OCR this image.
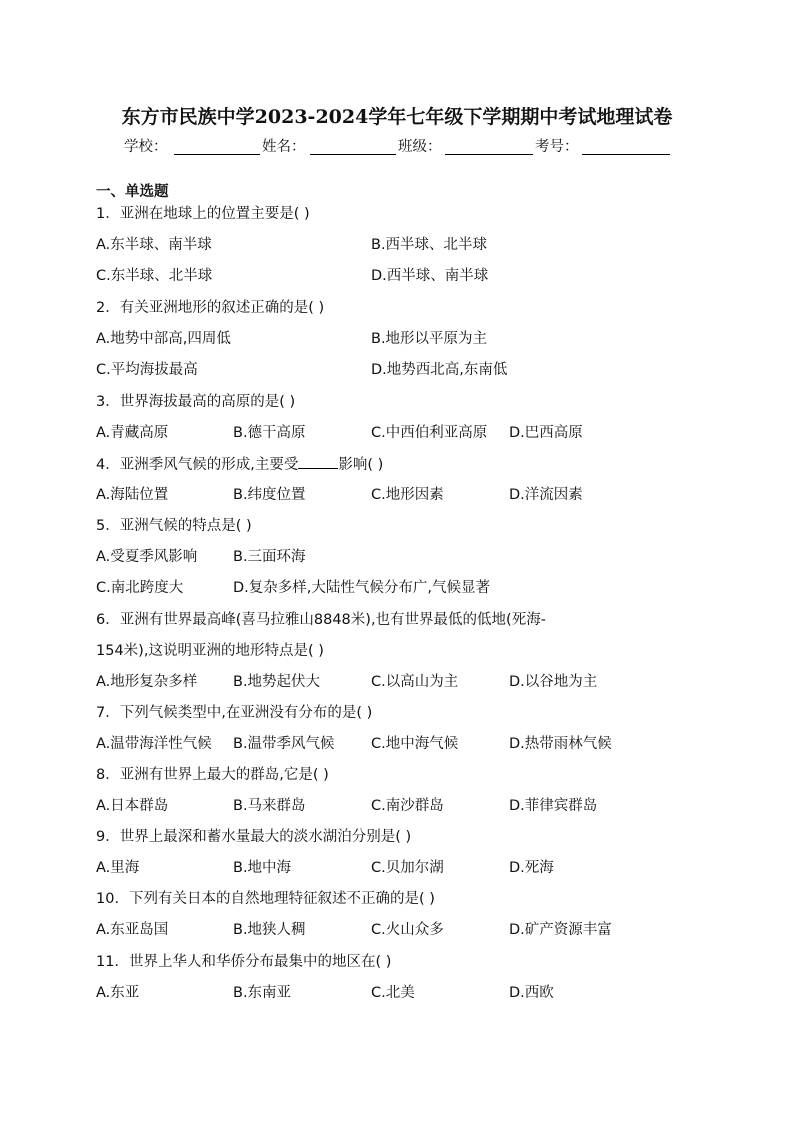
东方市民族中学2023-2024学年七年级下学期期中考试地理试卷
学校：	姓名：	班级：	考号：
一、单选题
1．亚洲在地球上的位置主要是( )
A.东半球、南半球	B.西半球、北半球
C.东半球、北半球	D.西半球、南半球
2．有关亚洲地形的叙述正确的是( )
A.地势中部高,四周低	B.地形以平原为主
C.平均海拔最高	D.地势西北高,东南低
3．世界海拔最高的高原的是( )
A.青藏高原	B.德干高原	C.中西伯利亚高原 D.巴西高原
4．亚洲季风气候的形成,主要受	影响( )
A.海陆位置	B.纬度位置	C.地形因素	D.洋流因素
5．亚洲气候的特点是( )
A.受夏季风影响 B.三面环海
C.南北跨度大	D.复杂多样,大陆性气候分布广,气候显著
6．亚洲有世界最高峰(喜马拉雅山8848米),也有世界最低的低地(死海-
154米),这说明亚洲的地形特点是( )
A.地形复杂多样 B.地势起伏大	C.以高山为主	D.以谷地为主
7．下列气候类型中,在亚洲没有分布的是( )
A.温带海洋性气候 B.温带季风气候	C.地中海气候	D.热带雨林气候
8．亚洲有世界上最大的群岛,它是( )
A.日本群岛	B.马来群岛	C.南沙群岛	D.菲律宾群岛
9．世界上最深和蓄水量最大的淡水湖泊分别是( )
A.里海	B.地中海	C.贝加尔湖	D.死海
10．下列有关日本的自然地理特征叙述不正确的是( )
A.东亚岛国	B.地狭人稠	C.火山众多	D.矿产资源丰富
11．世界上华人和华侨分布最集中的地区在( )
A.东亚	B.东南亚	C.北美	D.西欧
